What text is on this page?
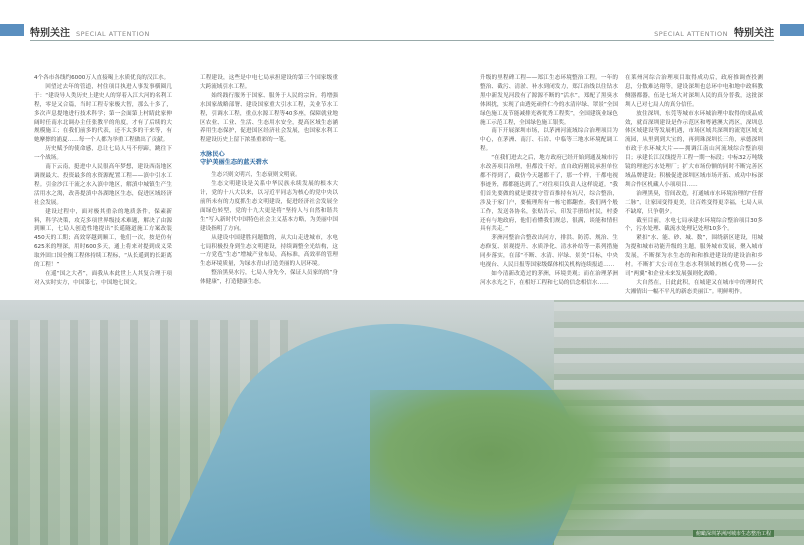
特别关注 SPECIAL ATTENTION	SPECIAL ATTENTION 特别关注

4个各市各线约6000万人直接喝上水质优良的汉江水。

回望过去年的管道，村住项目执进人事发事横圈几于：“建设导人类历史上建史人的穿着入江大河的名利工程，零是又合篇，当时工程专家极大智，那么十多了，多次声息提地进行技术科学；第一会面第上村睛此家伸阔时任南水北调办主任张教平的角度，才有了后续的大规模施工；在我们前多的代表，还不太多的干来等，有她摩擦的浦夏……每一个人都为举重工程做出了贡献。

历史赋予的使命感，总让七局人马不停蹄，跳往下一个战场。

南下云南，挺进中人民很高年梦想，建设西南地区调规最大、投资最多的水资源配置工程——滇中引水工程。引金沙江干流之水入滇中地区，解滇中城镇生产生活用水之渴，改善提滇中各湖地区生态，促进区域经济社会发展。

建设过程中，面对极其重杂的地质条件，保素新料，科学决策，攻克多项世界级技术难题，解决了由源到顺工，七局人创造性地提出“长遥隧道施工方案改装450天的工期；高效穿越到顺工，他们一次，按是仿有625米的埋深，用时600多天，通上将来对提到成义采取外固口国全衡工程体持续工程标，“从长遥到的长距离的工程！”

在遥“国之大者”，面我从本此世上人其复合理于项对入实时实方，中国第七，中国地七国文。

工程建设，这些是中电七局承担建设的第三个国家级重大跨流域引水工程。

始终践行服务于国家、服务于人民的宗旨。将增强水国家战略部署、建设国家重大引水工程，关业节水工程，引调水工程，重点水源工程等40多座，保障就业地区农业、工业、生活、生态用水安全，提高区域生态涵养用生态保护，促进国区经济社会发展，也国家水利工程建设历史上留下浓墨重彩的一笔。

水脉民心
守护美丽生态的蓝天碧水

生态兴则文明兴，生态衰则文明衰。

生态文明建设是关系中华民族永续发展的根本大计，党的十八大以来，以习近平同志为核心的党中央以前所未有的力度抓生态文明建设，促进经济社会发展全面绿色转型，党的十九大更是将“坚持人与自然和谐共生”写入新时代中国特色社会主义基本方略，为美丽中国建设指明了方向。

从建设中国建胜问题数的，从大山走进城市，水电七局积极投身到生态文明建设，持续调整全光结构，这一方党苞“生态”增城产业布局，高标准，高效率的管理生态环境质量，为绿水青山打造美丽的人居环境。

整治黑臭水污，七局人身先今，保证人员家的的“身体健康”，打造健康生态。

升级的里程碑工程——郑江生态环境整治工程。一年的整治、截污、清淤、补水到闭发力，郑江治线以往钻水黑中新发见河段有了源源不断的“活水”，郑配了黑臭水体困扰，实现了由透死顽件仁今的水清岸绿、罩景”全国绿色施工及节能减排光赛优秀工程奖”，全国建筑业绿色施工示范工程，全国绿色施工银奖。

南下开展深圳市场，以茅洲河流域综合治理项目为中心，在茅洲、南汀、石岩、中临等三地水环境配调工程。

“在我们进去之后，地方政府已经开始到通及城市污水改善项目治理，但都没干好。直自政府刚说承担单位都不得到了，截仿今天越都千了，那一个样，干都电视事迹务，都都能达到了。”对往项目负责人这样说道。“我们首先要做的就是要找守管首推持有坑尺，综合整治，涉及于家门户，要梳理所有一栋宅都翻查。我们两个般工作，发送各协名，张贴告示，印发手册给村民，村委还有与地政府，他们看懂我们规总，很满，谈能和情但具有共走。”

茅洲河整治合整改出问方，排洪、防涝、规治、生态修复、景观提升、水质净化、清水补给等一系列措施同步落实，在部“不断、水清、岸绿、景美”目标，中央电视台、人民日报等国家级媒体相关机构连续报道……

如今清新改造过的茅洲，环境美观；而在治理茅洲河水水光之下，在相好工程和七局的信念相信水……

在莱州河综合治理项目取得成功后，政府推调查投测息，分数难达翔等，建设深圳也总环中电和地中政料教侧器都器，伍是七场大对深圳人民的真分普我，这批深圳人已对七局人的真分信任。

放住深圳，东莞等城市水环城治理中取得的成品成效，就首深圳建设是作示范区和粤港澳大湾区，深圳总体区域建设等发展机遇，市场区域共深圳的流宽区域支流园，从里到到大宝的，再到珠深圳长三角，承德深圳市政于水环城大片——拥调江南山河流域综合整治项目；承建长江汉线提升工程一期一标段；中标32万吨级镜的理池污水处理厂；扩大市场份额的同时不断完善区域品牌建设；积极促进深圳区域市场开拓、成功中标深圳合作区机藏人小项项目……

治理黑臭，管间改造，打通城市水环境治理的“任督二脉”，让家园变得更美，让百姓变得更幸福，七局人从不缺席，只争朝夕。

截至目前，水电七局承建水环境综合整治项目30多个，污水处理、截流水处理记处理10多个。

紧扣“水、能、砂、城、数”，围绕新区建设，用城为提和城市功能升级的主题，服务城市发展，聚入城市发展，不断探为水生态的和和推进建设的建设治和乡村。不断扩大公司在生态水利领域的核心优势——公司“两翼”和企业未来发展强则化战略。

大自然在，日此此积，在城建又在城市中的理时代大湘情出一幅不平凡的新态美丽江”。明鲜明作。

俯瞰深圳茅洲河城市生态整治工程
